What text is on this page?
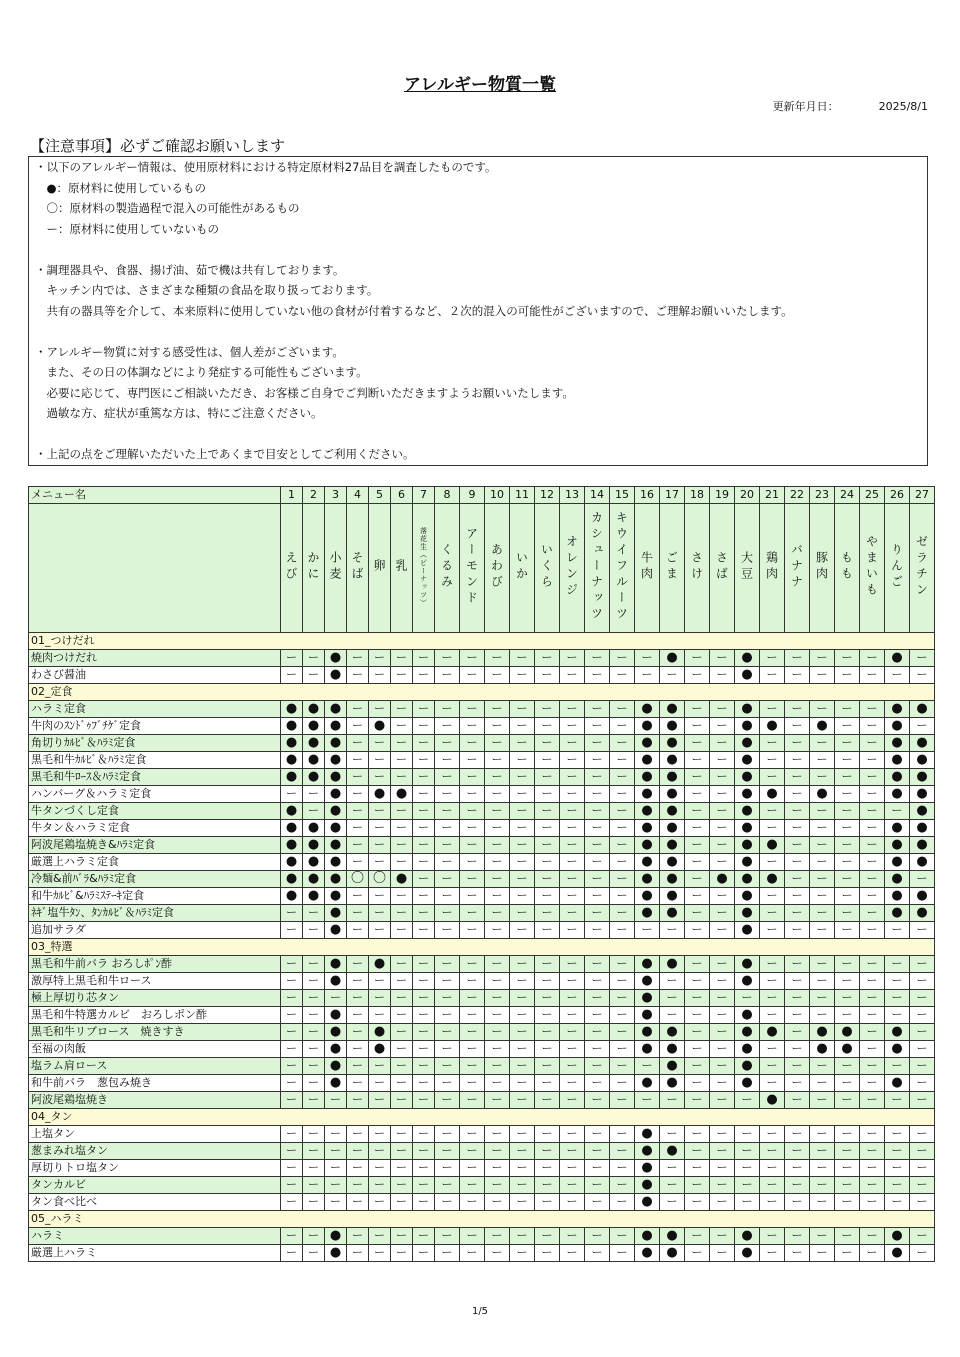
アレルギー物質一覧
更新年月日：	2025/8/1
【注意事項】必ずご確認お願いします
・以下のアレルギー情報は、使用原材料における特定原材料27品目を調査したものです。
　●：原材料に使用しているもの
　〇：原材料の製造過程で混入の可能性があるもの
　ー：原材料に使用していないもの
・調理器具や、食器、揚げ油、茹で機は共有しております。
　キッチン内では、さまざまな種類の食品を取り扱っております。
　共有の器具等を介して、本来原料に使用していない他の食材が付着するなど、２次的混入の可能性がございますので、ご理解お願いいたします。
・アレルギー物質に対する感受性は、個人差がございます。
　また、その日の体調などにより発症する可能性もございます。
　必要に応じて、専門医にご相談いただき、お客様ご自身でご判断いただきますようお願いいたします。
　過敏な方、症状が重篤な方は、特にご注意ください。
・上記の点をご理解いただいた上であくまで目安としてご利用ください。
メニュー名	1	2	3	4	5	6	7	8	9	10	11	12	13	14	15	16	17	18	19	20	21	22	23	24	25	26	27
	えび	かに	小麦	そば	卵	乳	落花生（ピーナッツ）	くるみ	アーモンド	あわび	いか	いくら	オレンジ	カシューナッツ	キウイフルーツ	牛肉	ごま	さけ	さば	大豆	鶏肉	バナナ	豚肉	もも	やまいも	りんご	ゼラチン
01_つけだれ																											
焼肉つけだれ	ー	ー	●	ー	ー	ー	ー	ー	ー	ー	ー	ー	ー	ー	ー	ー	●	ー	ー	●	ー	ー	ー	ー	ー	●	ー
わさび醤油	ー	ー	●	ー	ー	ー	ー	ー	ー	ー	ー	ー	ー	ー	ー	ー	ー	ー	ー	●	ー	ー	ー	ー	ー	ー	ー
02_定食																											
ハラミ定食	●	●	●	ー	ー	ー	ー	ー	ー	ー	ー	ー	ー	ー	ー	●	●	ー	ー	●	ー	ー	ー	ー	ー	●	●
牛肉のｽﾝﾄﾞｩﾌﾞﾁｹﾞ定食	●	●	●	ー	●	ー	ー	ー	ー	ー	ー	ー	ー	ー	ー	●	●	ー	ー	●	●	ー	●	ー	ー	●	ー
角切りｶﾙﾋﾞ＆ﾊﾗﾐ定食	●	●	●	ー	ー	ー	ー	ー	ー	ー	ー	ー	ー	ー	ー	●	●	ー	ー	●	ー	ー	ー	ー	ー	●	●
黒毛和牛ｶﾙﾋﾞ＆ﾊﾗﾐ定食	●	●	●	ー	ー	ー	ー	ー	ー	ー	ー	ー	ー	ー	ー	●	●	ー	ー	●	ー	ー	ー	ー	ー	●	●
黒毛和牛ﾛｰｽ＆ﾊﾗﾐ定食	●	●	●	ー	ー	ー	ー	ー	ー	ー	ー	ー	ー	ー	ー	●	●	ー	ー	●	ー	ー	ー	ー	ー	●	●
ハンバーグ＆ハラミ定食	ー	ー	●	ー	●	●	ー	ー	ー	ー	ー	ー	ー	ー	ー	●	●	ー	ー	●	●	ー	●	ー	ー	●	●
牛タンづくし定食	●	ー	●	ー	ー	ー	ー	ー	ー	ー	ー	ー	ー	ー	ー	●	●	ー	ー	●	ー	ー	ー	ー	ー	ー	●
牛タン＆ハラミ定食	●	●	●	ー	ー	ー	ー	ー	ー	ー	ー	ー	ー	ー	ー	●	●	ー	ー	●	ー	ー	ー	ー	ー	●	●
阿波尾鶏塩焼き&ﾊﾗﾐ定食	●	●	●	ー	ー	ー	ー	ー	ー	ー	ー	ー	ー	ー	ー	●	●	ー	ー	●	●	ー	ー	ー	ー	●	●
厳選上ハラミ定食	●	●	●	ー	ー	ー	ー	ー	ー	ー	ー	ー	ー	ー	ー	●	●	ー	ー	●	ー	ー	ー	ー	ー	●	●
冷麺&前ﾊﾞﾗ&ﾊﾗﾐ定食	●	●	●	〇	〇	●	ー	ー	ー	ー	ー	ー	ー	ー	ー	●	●	ー	●	●	●	ー	ー	ー	ー	●	ー
和牛ｶﾙﾋﾞ&ﾊﾗﾐｽﾃｰｷ定食	●	●	●	ー	ー	ー	ー	ー	ー	ー	ー	ー	ー	ー	ー	●	●	ー	ー	●	ー	ー	ー	ー	ー	●	●
ﾈｷﾞ塩牛ﾀﾝ、ﾀﾝｶﾙﾋﾞ＆ﾊﾗﾐ定食	ー	ー	●	ー	ー	ー	ー	ー	ー	ー	ー	ー	ー	ー	ー	●	●	ー	ー	●	ー	ー	ー	ー	ー	●	●
追加サラダ	ー	ー	●	ー	ー	ー	ー	ー	ー	ー	ー	ー	ー	ー	ー	ー	ー	ー	ー	●	ー	ー	ー	ー	ー	ー	ー
03_特選																											
黒毛和牛前バラ おろしﾎﾟﾝ酢	ー	ー	●	ー	●	ー	ー	ー	ー	ー	ー	ー	ー	ー	ー	●	●	ー	ー	●	ー	ー	ー	ー	ー	ー	ー
激厚特上黒毛和牛ロース	ー	ー	●	ー	ー	ー	ー	ー	ー	ー	ー	ー	ー	ー	ー	●	ー	ー	ー	●	ー	ー	ー	ー	ー	ー	ー
極上厚切り芯タン	ー	ー	ー	ー	ー	ー	ー	ー	ー	ー	ー	ー	ー	ー	ー	●	ー	ー	ー	ー	ー	ー	ー	ー	ー	ー	ー
黒毛和牛特選カルビ　おろしポン酢	ー	ー	●	ー	ー	ー	ー	ー	ー	ー	ー	ー	ー	ー	ー	●	ー	ー	ー	●	ー	ー	ー	ー	ー	ー	ー
黒毛和牛リブロース　焼きすき	ー	ー	●	ー	●	ー	ー	ー	ー	ー	ー	ー	ー	ー	ー	●	●	ー	ー	●	●	ー	●	●	ー	●	ー
至福の肉飯	ー	ー	●	ー	●	ー	ー	ー	ー	ー	ー	ー	ー	ー	ー	●	●	ー	ー	●	ー	ー	●	●	ー	●	ー
塩ラム肩ロース	ー	ー	●	ー	ー	ー	ー	ー	ー	ー	ー	ー	ー	ー	ー	ー	●	ー	ー	●	ー	ー	ー	ー	ー	ー	ー
和牛前バラ　葱包み焼き	ー	ー	●	ー	ー	ー	ー	ー	ー	ー	ー	ー	ー	ー	ー	●	●	ー	ー	●	ー	ー	ー	ー	ー	●	ー
阿波尾鶏塩焼き	ー	ー	ー	ー	ー	ー	ー	ー	ー	ー	ー	ー	ー	ー	ー	ー	ー	ー	ー	ー	●	ー	ー	ー	ー	ー	ー
04_タン																											
上塩タン	ー	ー	ー	ー	ー	ー	ー	ー	ー	ー	ー	ー	ー	ー	ー	●	ー	ー	ー	ー	ー	ー	ー	ー	ー	ー	ー
葱まみれ塩タン	ー	ー	ー	ー	ー	ー	ー	ー	ー	ー	ー	ー	ー	ー	ー	●	●	ー	ー	ー	ー	ー	ー	ー	ー	ー	ー
厚切りトロ塩タン	ー	ー	ー	ー	ー	ー	ー	ー	ー	ー	ー	ー	ー	ー	ー	●	ー	ー	ー	ー	ー	ー	ー	ー	ー	ー	ー
タンカルビ	ー	ー	ー	ー	ー	ー	ー	ー	ー	ー	ー	ー	ー	ー	ー	●	ー	ー	ー	ー	ー	ー	ー	ー	ー	ー	ー
タン食べ比べ	ー	ー	ー	ー	ー	ー	ー	ー	ー	ー	ー	ー	ー	ー	ー	●	ー	ー	ー	ー	ー	ー	ー	ー	ー	ー	ー
05_ハラミ																											
ハラミ	ー	ー	●	ー	ー	ー	ー	ー	ー	ー	ー	ー	ー	ー	ー	●	●	ー	ー	●	ー	ー	ー	ー	ー	●	ー
厳選上ハラミ	ー	ー	●	ー	ー	ー	ー	ー	ー	ー	ー	ー	ー	ー	ー	●	●	ー	ー	●	ー	ー	ー	ー	ー	●	ー
1/5
